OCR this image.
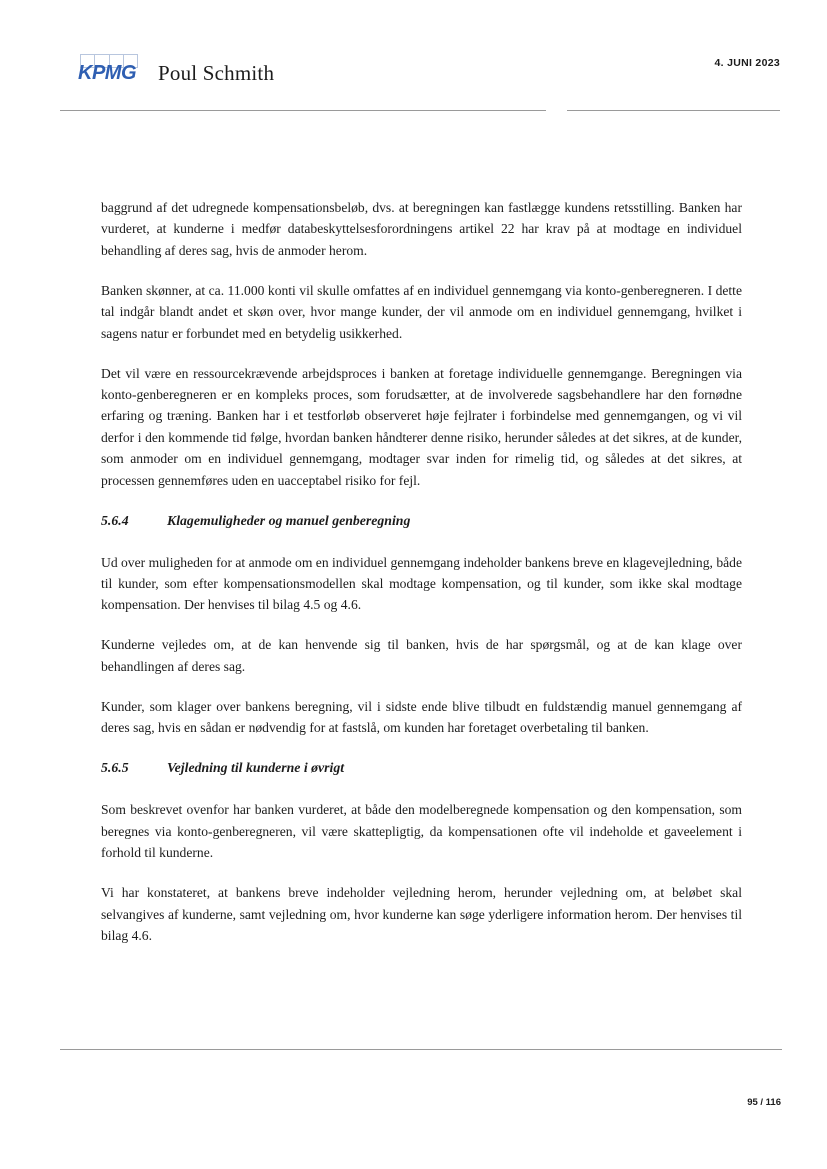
KPMG Poul Schmith	4. JUNI 2023

baggrund af det udregnede kompensationsbeløb, dvs. at beregningen kan fastlægge kundens retsstilling. Banken har vurderet, at kunderne i medfør databeskyttelsesforordningens artikel 22 har krav på at modtage en individuel behandling af deres sag, hvis de anmoder herom.

Banken skønner, at ca. 11.000 konti vil skulle omfattes af en individuel gennemgang via konto-genberegneren. I dette tal indgår blandt andet et skøn over, hvor mange kunder, der vil anmode om en individuel gennemgang, hvilket i sagens natur er forbundet med en betydelig usikkerhed.

Det vil være en ressourcekrævende arbejdsproces i banken at foretage individuelle gennemgange. Beregningen via konto-genberegneren er en kompleks proces, som forudsætter, at de involverede sagsbehandlere har den fornødne erfaring og træning. Banken har i et testforløb observeret høje fejlrater i forbindelse med gennemgangen, og vi vil derfor i den kommende tid følge, hvordan banken håndterer denne risiko, herunder således at det sikres, at de kunder, som anmoder om en individuel gennemgang, modtager svar inden for rimelig tid, og således at det sikres, at processen gennemføres uden en uacceptabel risiko for fejl.

5.6.4	Klagemuligheder og manuel genberegning

Ud over muligheden for at anmode om en individuel gennemgang indeholder bankens breve en klagevejledning, både til kunder, som efter kompensationsmodellen skal modtage kompensation, og til kunder, som ikke skal modtage kompensation. Der henvises til bilag 4.5 og 4.6.

Kunderne vejledes om, at de kan henvende sig til banken, hvis de har spørgsmål, og at de kan klage over behandlingen af deres sag.

Kunder, som klager over bankens beregning, vil i sidste ende blive tilbudt en fuldstændig manuel gennemgang af deres sag, hvis en sådan er nødvendig for at fastslå, om kunden har foretaget overbetaling til banken.

5.6.5	Vejledning til kunderne i øvrigt

Som beskrevet ovenfor har banken vurderet, at både den modelberegnede kompensation og den kompensation, som beregnes via konto-genberegneren, vil være skattepligtig, da kompensationen ofte vil indeholde et gaveelement i forhold til kunderne.

Vi har konstateret, at bankens breve indeholder vejledning herom, herunder vejledning om, at beløbet skal selvangives af kunderne, samt vejledning om, hvor kunderne kan søge yderligere information herom. Der henvises til bilag 4.6.

95 / 116
